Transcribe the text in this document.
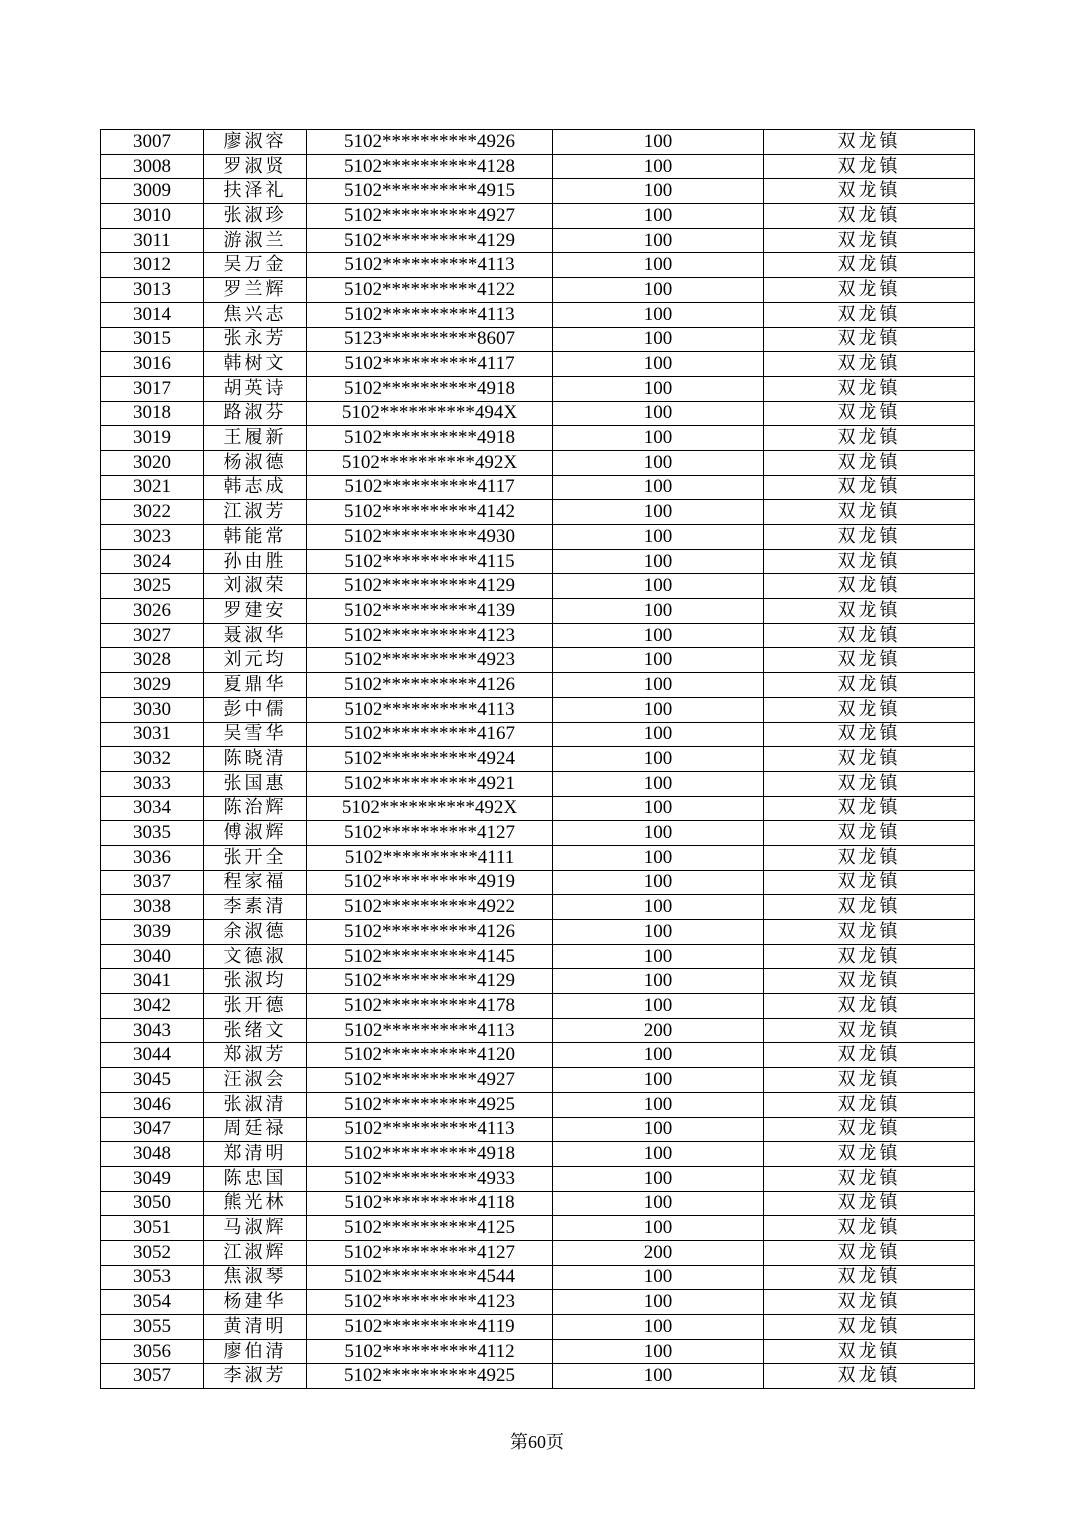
3007	廖淑容	5102**********4926	100	双龙镇
3008	罗淑贤	5102**********4128	100	双龙镇
3009	扶泽礼	5102**********4915	100	双龙镇
3010	张淑珍	5102**********4927	100	双龙镇
3011	游淑兰	5102**********4129	100	双龙镇
3012	吴万金	5102**********4113	100	双龙镇
3013	罗兰辉	5102**********4122	100	双龙镇
3014	焦兴志	5102**********4113	100	双龙镇
3015	张永芳	5123**********8607	100	双龙镇
3016	韩树文	5102**********4117	100	双龙镇
3017	胡英诗	5102**********4918	100	双龙镇
3018	路淑芬	5102**********494X	100	双龙镇
3019	王履新	5102**********4918	100	双龙镇
3020	杨淑德	5102**********492X	100	双龙镇
3021	韩志成	5102**********4117	100	双龙镇
3022	江淑芳	5102**********4142	100	双龙镇
3023	韩能常	5102**********4930	100	双龙镇
3024	孙由胜	5102**********4115	100	双龙镇
3025	刘淑荣	5102**********4129	100	双龙镇
3026	罗建安	5102**********4139	100	双龙镇
3027	聂淑华	5102**********4123	100	双龙镇
3028	刘元均	5102**********4923	100	双龙镇
3029	夏鼎华	5102**********4126	100	双龙镇
3030	彭中儒	5102**********4113	100	双龙镇
3031	吴雪华	5102**********4167	100	双龙镇
3032	陈晓清	5102**********4924	100	双龙镇
3033	张国惠	5102**********4921	100	双龙镇
3034	陈治辉	5102**********492X	100	双龙镇
3035	傅淑辉	5102**********4127	100	双龙镇
3036	张开全	5102**********4111	100	双龙镇
3037	程家福	5102**********4919	100	双龙镇
3038	李素清	5102**********4922	100	双龙镇
3039	余淑德	5102**********4126	100	双龙镇
3040	文德淑	5102**********4145	100	双龙镇
3041	张淑均	5102**********4129	100	双龙镇
3042	张开德	5102**********4178	100	双龙镇
3043	张绪文	5102**********4113	200	双龙镇
3044	郑淑芳	5102**********4120	100	双龙镇
3045	汪淑会	5102**********4927	100	双龙镇
3046	张淑清	5102**********4925	100	双龙镇
3047	周廷禄	5102**********4113	100	双龙镇
3048	郑清明	5102**********4918	100	双龙镇
3049	陈忠国	5102**********4933	100	双龙镇
3050	熊光林	5102**********4118	100	双龙镇
3051	马淑辉	5102**********4125	100	双龙镇
3052	江淑辉	5102**********4127	200	双龙镇
3053	焦淑琴	5102**********4544	100	双龙镇
3054	杨建华	5102**********4123	100	双龙镇
3055	黄清明	5102**********4119	100	双龙镇
3056	廖伯清	5102**********4112	100	双龙镇
3057	李淑芳	5102**********4925	100	双龙镇
第60页
